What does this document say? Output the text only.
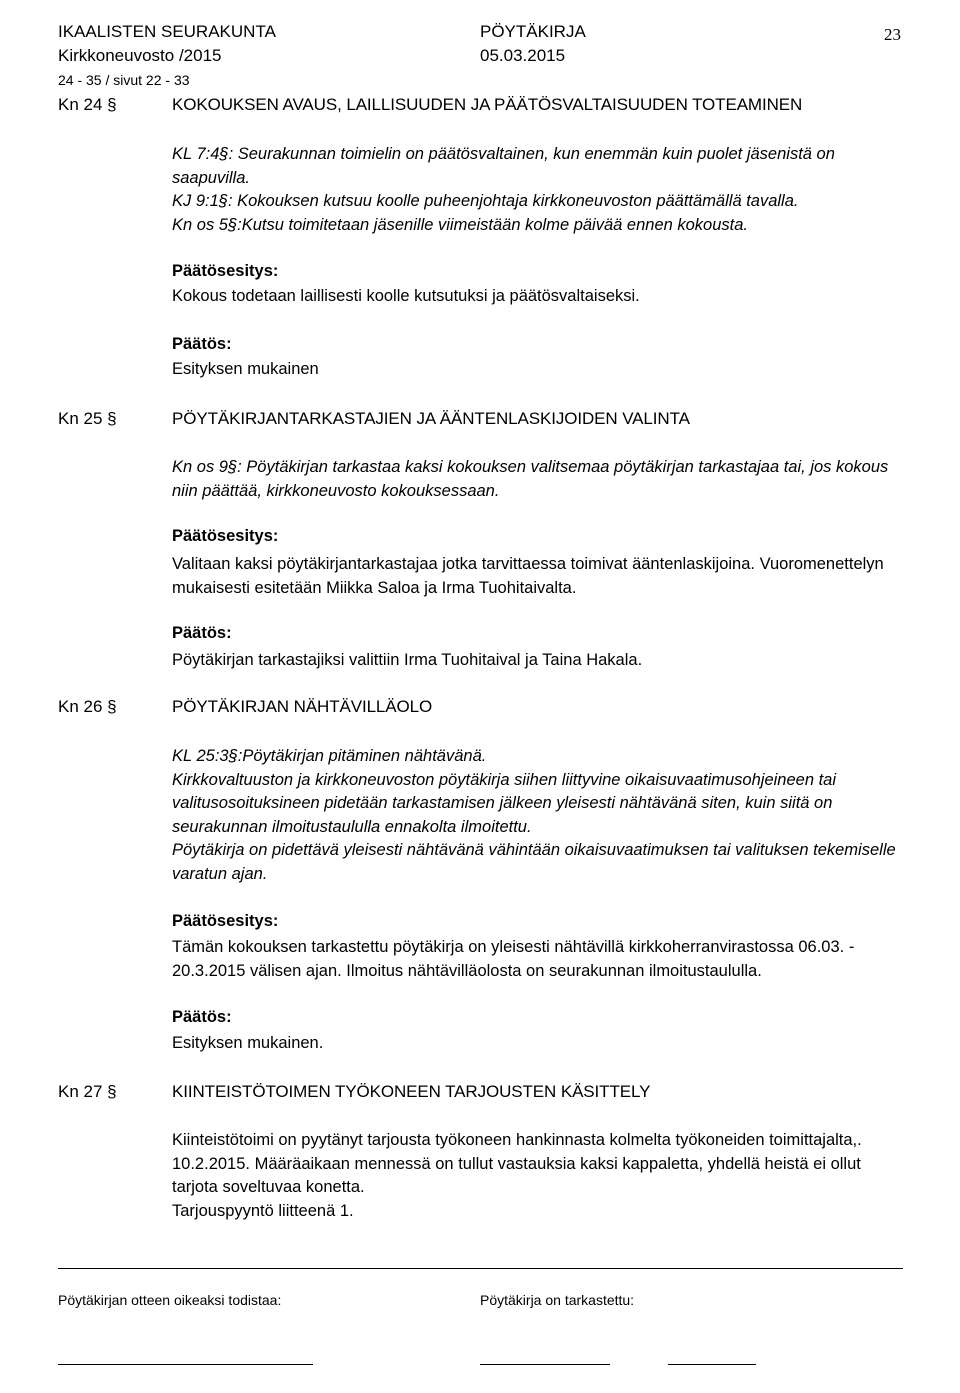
IKAALISTEN SEURAKUNTA	PÖYTÄKIRJA	23
Kirkkoneuvosto /2015	05.03.2015
24 - 35 / sivut 22 - 33
Kn 24 §	KOKOUKSEN AVAUS, LAILLISUUDEN JA PÄÄTÖSVALTAISUUDEN TOTEAMINEN

KL 7:4§: Seurakunnan toimielin on päätösvaltainen, kun enemmän kuin puolet jäsenistä on saapuvilla.

KJ 9:1§: Kokouksen kutsuu koolle puheenjohtaja kirkkoneuvoston päättämällä tavalla.

Kn os 5§:Kutsu toimitetaan jäsenille viimeistään kolme päivää ennen kokousta.

Päätösesitys:
Kokous todetaan laillisesti koolle kutsutuksi ja päätösvaltaiseksi.
Päätös:
Esityksen mukainen
Kn 25 §	PÖYTÄKIRJANTARKASTAJIEN JA ÄÄNTENLASKIJOIDEN VALINTA
Kn os 9§: Pöytäkirjan tarkastaa kaksi kokouksen valitsemaa pöytäkirjan tarkastajaa tai, jos kokous niin päättää, kirkkoneuvosto kokouksessaan.
Päätösesitys:
Valitaan kaksi pöytäkirjantarkastajaa jotka tarvittaessa toimivat ääntenlaskijoina. Vuoromenettelyn mukaisesti esitetään Miikka Saloa ja Irma Tuohitaivalta.
Päätös:
Pöytäkirjan tarkastajiksi valittiin Irma Tuohitaival ja Taina Hakala.
Kn 26 §	PÖYTÄKIRJAN NÄHTÄVILLÄOLO

KL 25:3§:Pöytäkirjan pitäminen nähtävänä.

Kirkkovaltuuston ja kirkkoneuvoston pöytäkirja siihen liittyvine oikaisuvaatimusohjeineen tai valitusosoituksineen pidetään tarkastamisen jälkeen yleisesti nähtävänä siten, kuin siitä on seurakunnan ilmoitustaululla ennakolta ilmoitettu.

Pöytäkirja on pidettävä yleisesti nähtävänä vähintään oikaisuvaatimuksen tai valituksen tekemiselle varatun ajan.

Päätösesitys:
Tämän kokouksen tarkastettu pöytäkirja on yleisesti nähtävillä kirkkoherranvirastossa 06.03. - 20.3.2015 välisen ajan. Ilmoitus nähtävilläolosta on seurakunnan ilmoitustaululla.
Päätös:
Esityksen mukainen.
Kn 27 §	KIINTEISTÖTOIMEN TYÖKONEEN TARJOUSTEN KÄSITTELY

Kiinteistötoimi on pyytänyt tarjousta työkoneen hankinnasta kolmelta työkoneiden toimittajalta,. 10.2.2015. Määräaikaan mennessä on tullut vastauksia kaksi kappaletta, yhdellä heistä ei ollut tarjota soveltuvaa konetta.

Tarjouspyyntö liitteenä 1.

Pöytäkirjan otteen oikeaksi todistaa:	Pöytäkirja on tarkastettu:
